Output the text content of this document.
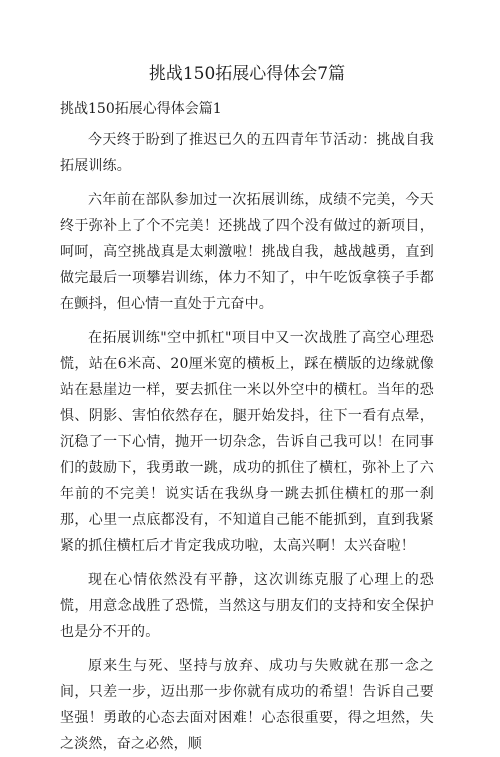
挑战150拓展心得体会7篇

挑战150拓展心得体会篇1

今天终于盼到了推迟已久的五四青年节活动：挑战自我拓展训练。

六年前在部队参加过一次拓展训练，成绩不完美，今天终于弥补上了个不完美！还挑战了四个没有做过的新项目，呵呵，高空挑战真是太刺激啦！挑战自我，越战越勇，直到做完最后一项攀岩训练，体力不知了，中午吃饭拿筷子手都在颤抖，但心情一直处于亢奋中。

在拓展训练"空中抓杠"项目中又一次战胜了高空心理恐慌，站在6米高、20厘米宽的横板上，踩在横版的边缘就像站在悬崖边一样，要去抓住一米以外空中的横杠。当年的恐惧、阴影、害怕依然存在，腿开始发抖，往下一看有点晕，沉稳了一下心情，抛开一切杂念，告诉自己我可以！在同事们的鼓励下，我勇敢一跳，成功的抓住了横杠，弥补上了六年前的不完美！说实话在我纵身一跳去抓住横杠的那一刹那，心里一点底都没有，不知道自己能不能抓到，直到我紧紧的抓住横杠后才肯定我成功啦，太高兴啊！太兴奋啦！

现在心情依然没有平静，这次训练克服了心理上的恐慌，用意念战胜了恐慌，当然这与朋友们的支持和安全保护也是分不开的。

原来生与死、坚持与放弃、成功与失败就在那一念之间，只差一步，迈出那一步你就有成功的希望！告诉自己要坚强！勇敢的心态去面对困难！心态很重要，得之坦然，失之淡然，奋之必然，顺
